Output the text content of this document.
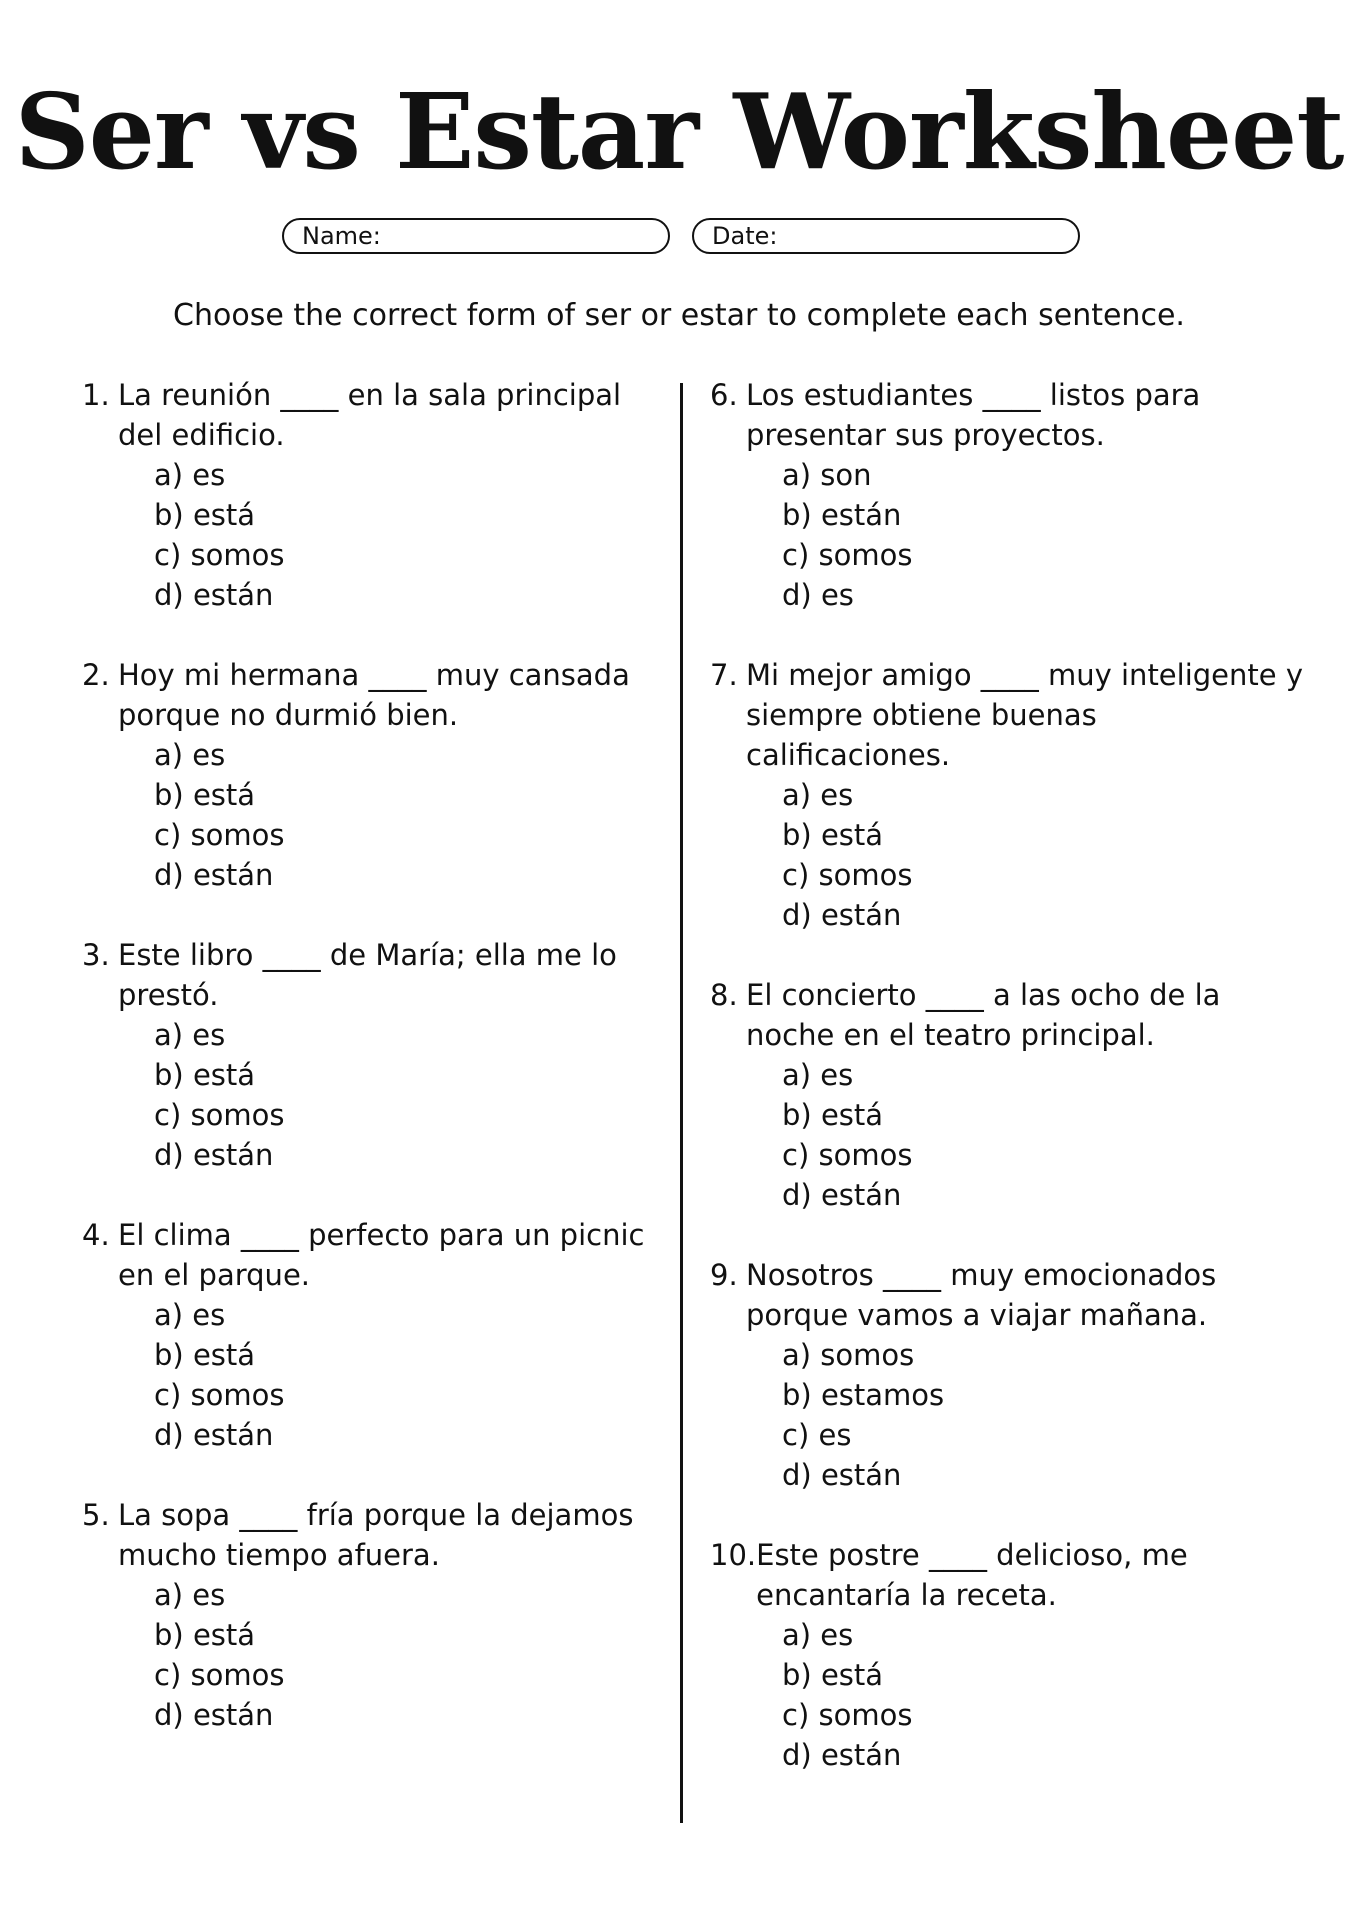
Ser vs Estar Worksheet
Name:	Date:

Choose the correct form of ser or estar to complete each sentence.

1. La reunión ____ en la sala principal del edificio.
a) es
b) está
c) somos
d) están
2. Hoy mi hermana ____ muy cansada porque no durmió bien.
a) es
b) está
c) somos
d) están
3. Este libro ____ de María; ella me lo prestó.
a) es
b) está
c) somos
d) están
4. El clima ____ perfecto para un picnic en el parque.
a) es
b) está
c) somos
d) están
5. La sopa ____ fría porque la dejamos mucho tiempo afuera.
a) es
b) está
c) somos
d) están
6. Los estudiantes ____ listos para presentar sus proyectos.
a) son
b) están
c) somos
d) es
7. Mi mejor amigo ____ muy inteligente y siempre obtiene buenas calificaciones.
a) es
b) está
c) somos
d) están
8. El concierto ____ a las ocho de la noche en el teatro principal.
a) es
b) está
c) somos
d) están
9. Nosotros ____ muy emocionados porque vamos a viajar mañana.
a) somos
b) estamos
c) es
d) están
10. Este postre ____ delicioso, me encantaría la receta.
a) es
b) está
c) somos
d) están
